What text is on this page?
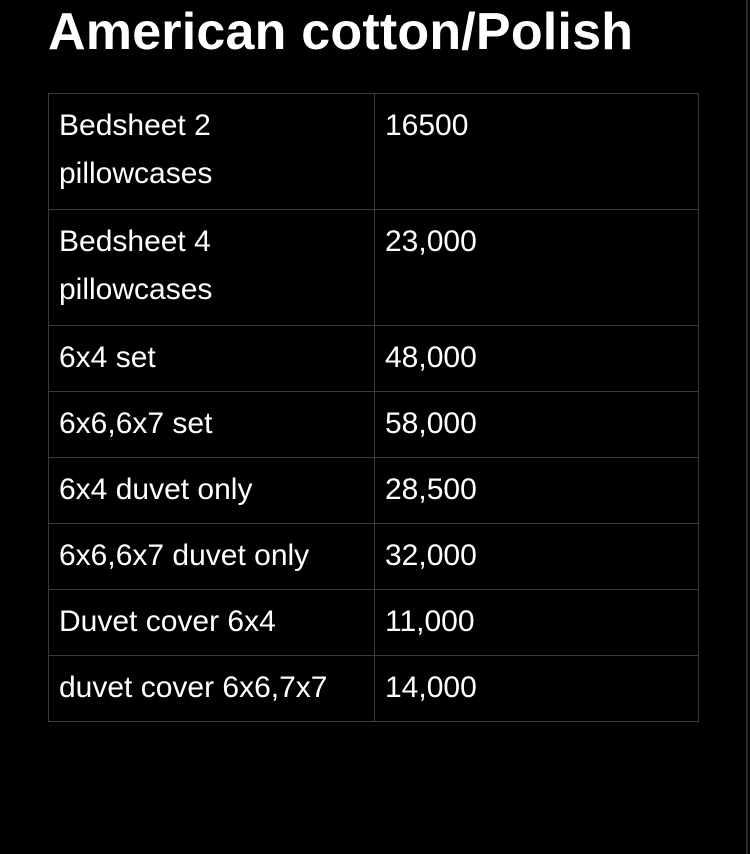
American cotton/Polish
Bedsheet 2 pillowcases	16500
Bedsheet 4 pillowcases	23,000
6x4 set	48,000
6x6,6x7 set	58,000
6x4 duvet only	28,500
6x6,6x7 duvet only	32,000
Duvet cover 6x4	11,000
duvet cover 6x6,7x7	14,000
